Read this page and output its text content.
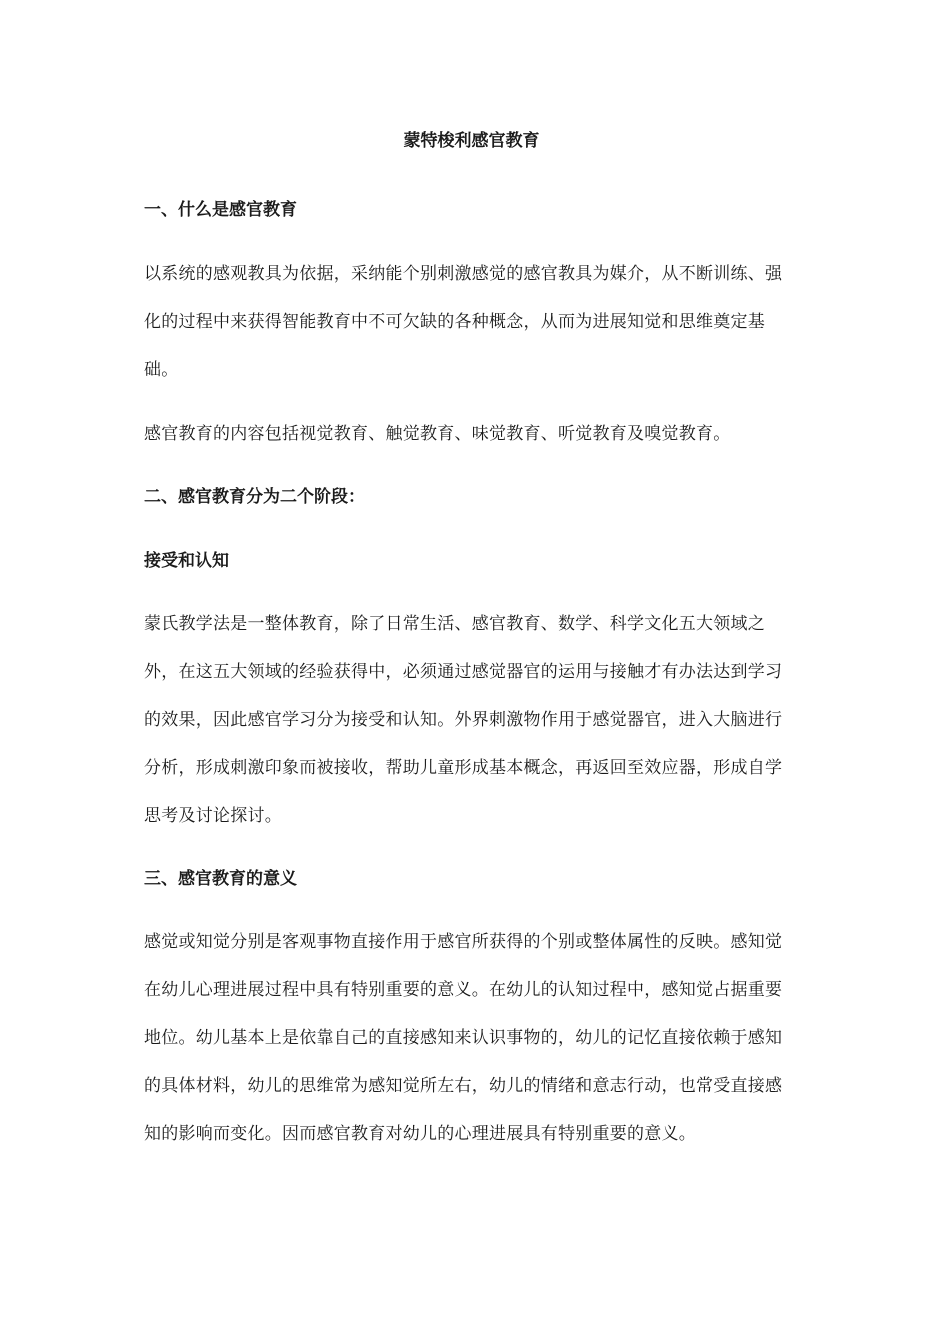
蒙特梭利感官教育
一、什么是感官教育

以系统的感观教具为依据，采纳能个别刺激感觉的感官教具为媒介，从不断训练、强化的过程中来获得智能教育中不可欠缺的各种概念，从而为进展知觉和思维奠定基础。

感官教育的内容包括视觉教育、触觉教育、味觉教育、听觉教育及嗅觉教育。

二、感官教育分为二个阶段：
接受和认知

蒙氏教学法是一整体教育，除了日常生活、感官教育、数学、科学文化五大领域之外，在这五大领域的经验获得中，必须通过感觉器官的运用与接触才有办法达到学习的效果，因此感官学习分为接受和认知。外界刺激物作用于感觉器官，进入大脑进行分析，形成刺激印象而被接收，帮助儿童形成基本概念，再返回至效应器，形成自学思考及讨论探讨。

三、感官教育的意义

感觉或知觉分别是客观事物直接作用于感官所获得的个别或整体属性的反映。感知觉在幼儿心理进展过程中具有特别重要的意义。在幼儿的认知过程中，感知觉占据重要地位。幼儿基本上是依靠自己的直接感知来认识事物的，幼儿的记忆直接依赖于感知的具体材料，幼儿的思维常为感知觉所左右，幼儿的情绪和意志行动，也常受直接感知的影响而变化。因而感官教育对幼儿的心理进展具有特别重要的意义。
